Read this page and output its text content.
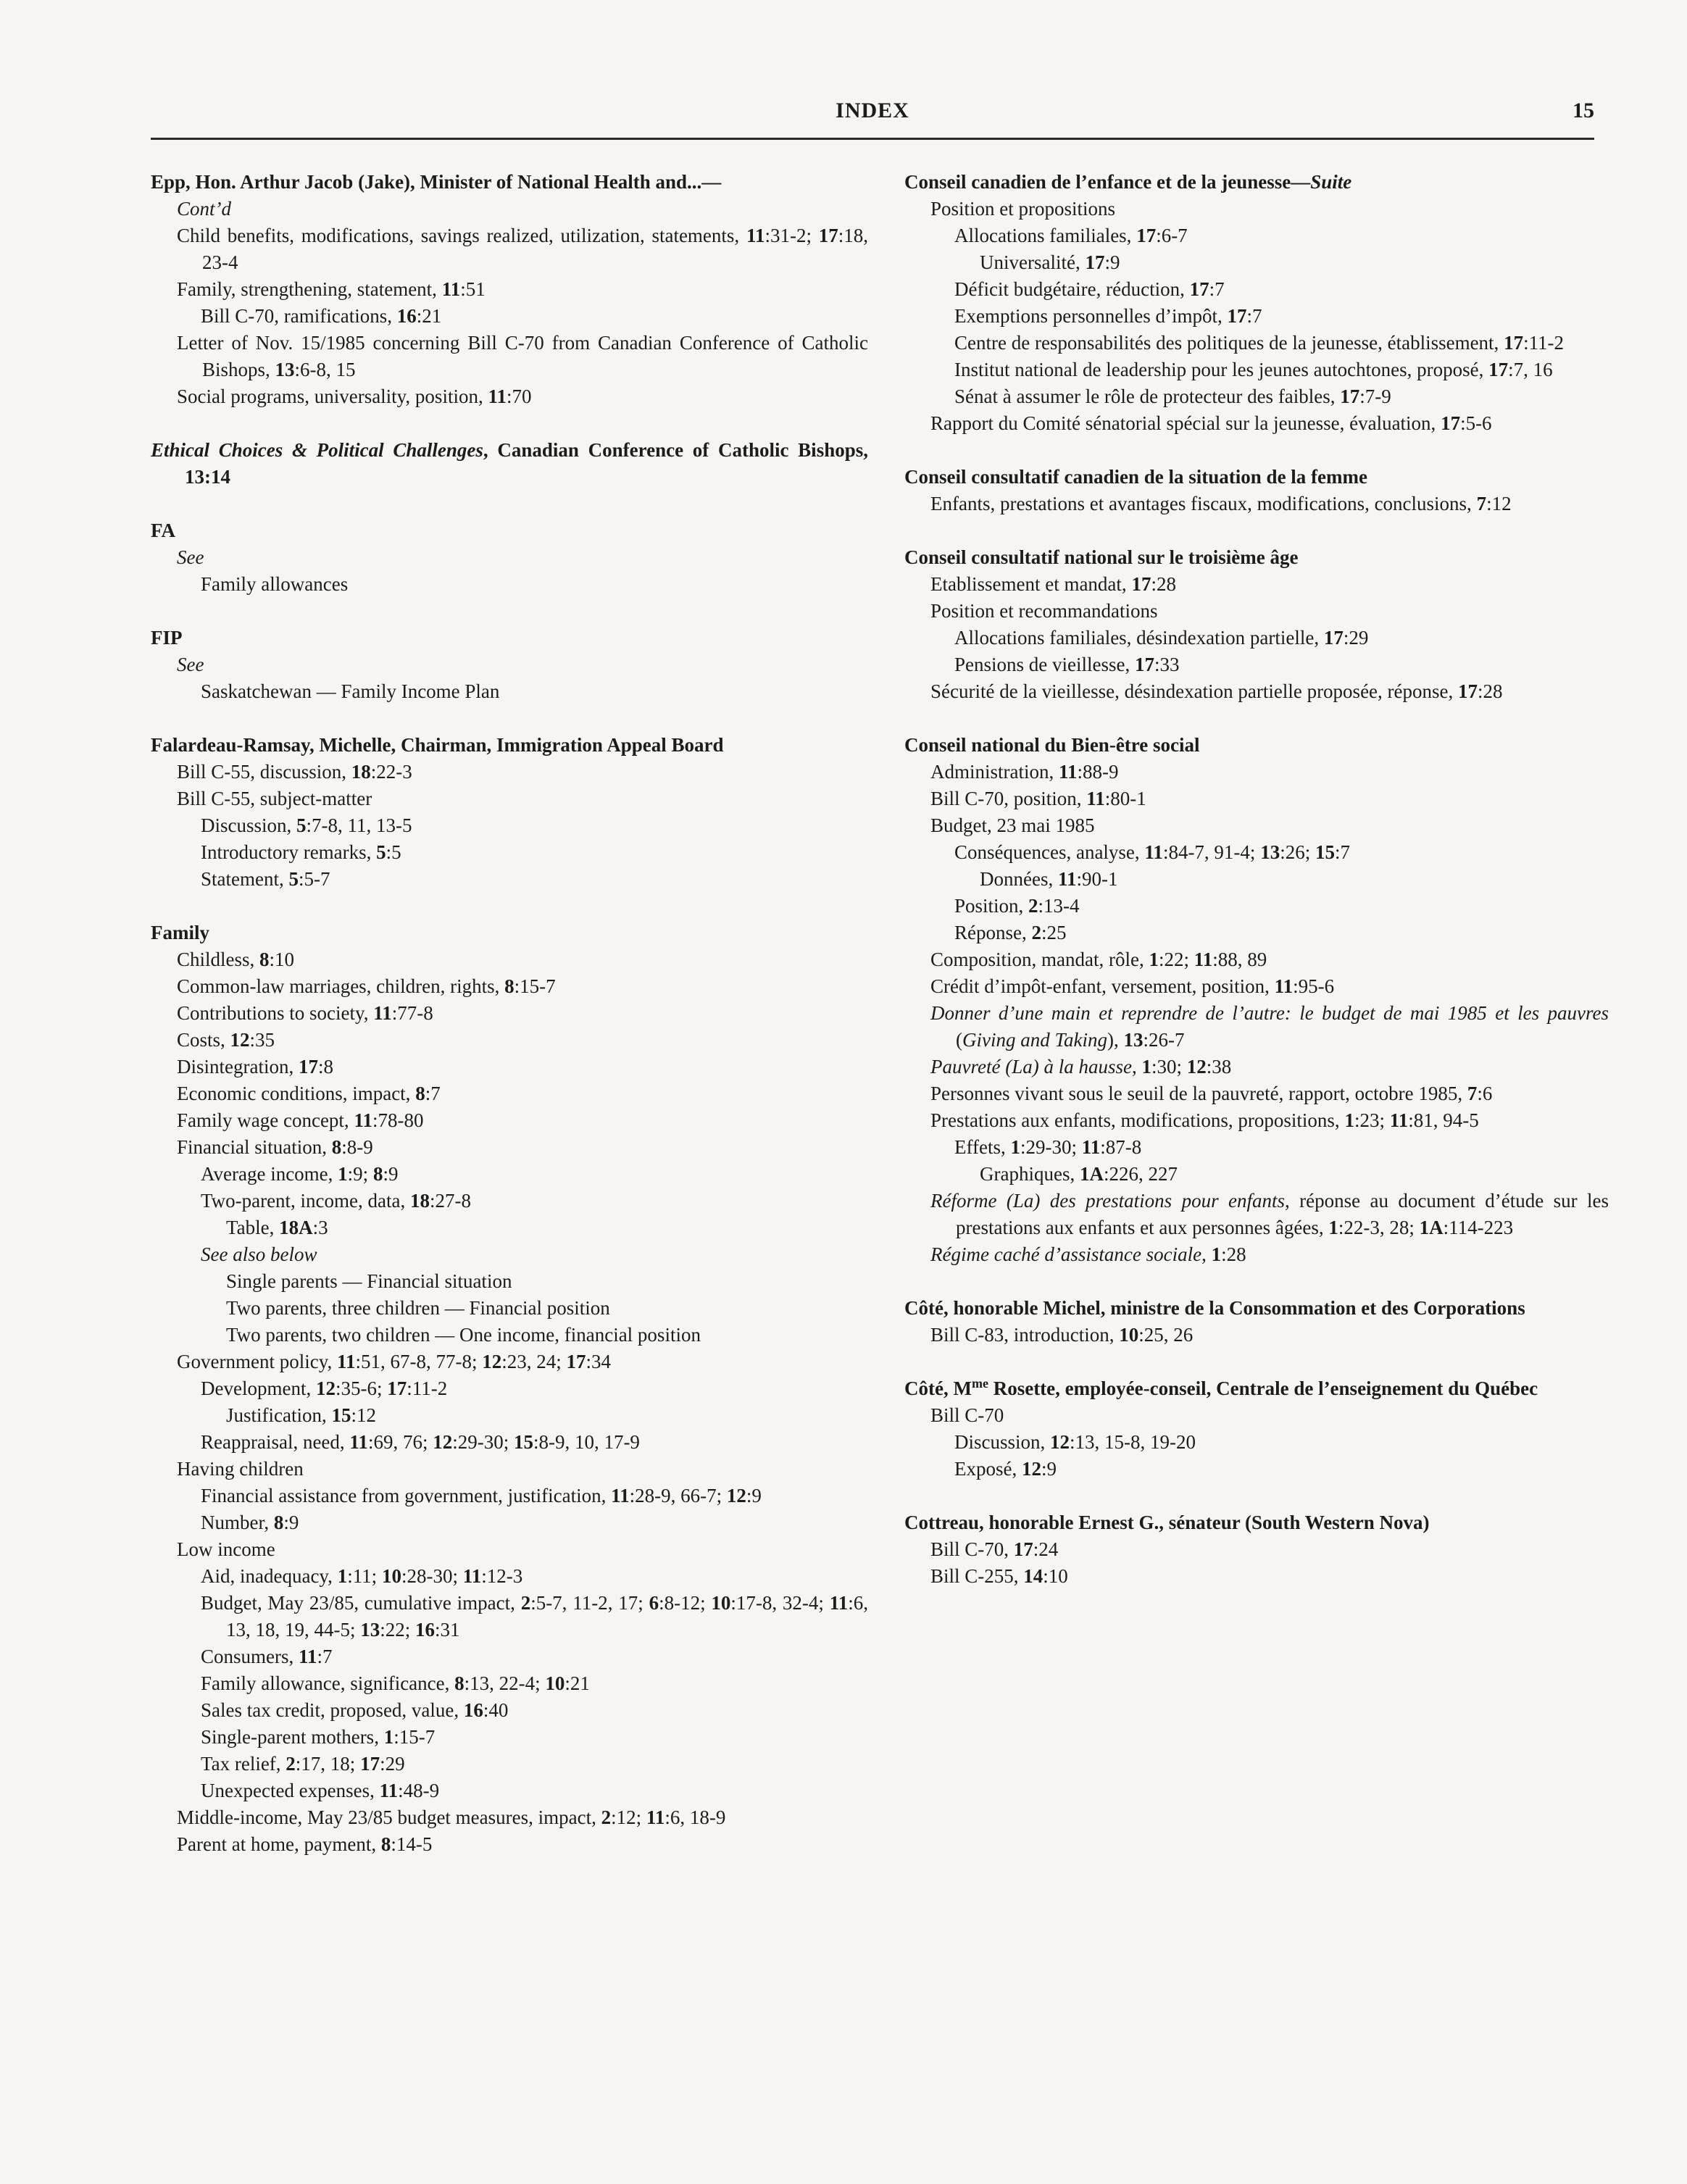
INDEX	15
Epp, Hon. Arthur Jacob (Jake), Minister of National Health and...—
Cont’d
Child benefits, modifications, savings realized, utilization, statements, 11:31-2; 17:18, 23-4
Family, strengthening, statement, 11:51
Bill C-70, ramifications, 16:21
Letter of Nov. 15/1985 concerning Bill C-70 from Canadian Conference of Catholic Bishops, 13:6-8, 15
Social programs, universality, position, 11:70
Ethical Choices & Political Challenges, Canadian Conference of Catholic Bishops, 13:14
FA
See
Family allowances
FIP
See
Saskatchewan — Family Income Plan
Falardeau-Ramsay, Michelle, Chairman, Immigration Appeal Board
Bill C-55, discussion, 18:22-3
Bill C-55, subject-matter
Discussion, 5:7-8, 11, 13-5
Introductory remarks, 5:5
Statement, 5:5-7
Family
Childless, 8:10
Common-law marriages, children, rights, 8:15-7
Contributions to society, 11:77-8
Costs, 12:35
Disintegration, 17:8
Economic conditions, impact, 8:7
Family wage concept, 11:78-80
Financial situation, 8:8-9
Average income, 1:9; 8:9
Two-parent, income, data, 18:27-8
Table, 18A:3
See also below
Single parents — Financial situation
Two parents, three children — Financial position
Two parents, two children — One income, financial position
Government policy, 11:51, 67-8, 77-8; 12:23, 24; 17:34
Development, 12:35-6; 17:11-2
Justification, 15:12
Reappraisal, need, 11:69, 76; 12:29-30; 15:8-9, 10, 17-9
Having children
Financial assistance from government, justification, 11:28-9, 66-7; 12:9
Number, 8:9
Low income
Aid, inadequacy, 1:11; 10:28-30; 11:12-3
Budget, May 23/85, cumulative impact, 2:5-7, 11-2, 17; 6:8-12; 10:17-8, 32-4; 11:6, 13, 18, 19, 44-5; 13:22; 16:31
Consumers, 11:7
Family allowance, significance, 8:13, 22-4; 10:21
Sales tax credit, proposed, value, 16:40
Single-parent mothers, 1:15-7
Tax relief, 2:17, 18; 17:29
Unexpected expenses, 11:48-9
Middle-income, May 23/85 budget measures, impact, 2:12; 11:6, 18-9
Parent at home, payment, 8:14-5
Conseil canadien de l’enfance et de la jeunesse—Suite
Position et propositions
Allocations familiales, 17:6-7
Universalité, 17:9
Déficit budgétaire, réduction, 17:7
Exemptions personnelles d’impôt, 17:7
Centre de responsabilités des politiques de la jeunesse, établissement, 17:11-2
Institut national de leadership pour les jeunes autochtones, proposé, 17:7, 16
Sénat à assumer le rôle de protecteur des faibles, 17:7-9
Rapport du Comité sénatorial spécial sur la jeunesse, évaluation, 17:5-6
Conseil consultatif canadien de la situation de la femme
Enfants, prestations et avantages fiscaux, modifications, conclusions, 7:12
Conseil consultatif national sur le troisième âge
Etablissement et mandat, 17:28
Position et recommandations
Allocations familiales, désindexation partielle, 17:29
Pensions de vieillesse, 17:33
Sécurité de la vieillesse, désindexation partielle proposée, réponse, 17:28
Conseil national du Bien-être social
Administration, 11:88-9
Bill C-70, position, 11:80-1
Budget, 23 mai 1985
Conséquences, analyse, 11:84-7, 91-4; 13:26; 15:7
Données, 11:90-1
Position, 2:13-4
Réponse, 2:25
Composition, mandat, rôle, 1:22; 11:88, 89
Crédit d’impôt-enfant, versement, position, 11:95-6
Donner d’une main et reprendre de l’autre: le budget de mai 1985 et les pauvres (Giving and Taking), 13:26-7
Pauvreté (La) à la hausse, 1:30; 12:38
Personnes vivant sous le seuil de la pauvreté, rapport, octobre 1985, 7:6
Prestations aux enfants, modifications, propositions, 1:23; 11:81, 94-5
Effets, 1:29-30; 11:87-8
Graphiques, 1A:226, 227
Réforme (La) des prestations pour enfants, réponse au document d’étude sur les prestations aux enfants et aux personnes âgées, 1:22-3, 28; 1A:114-223
Régime caché d’assistance sociale, 1:28
Côté, honorable Michel, ministre de la Consommation et des Corporations
Bill C-83, introduction, 10:25, 26
Côté, $M^{me}$ Rosette, employée-conseil, Centrale de l’enseignement du Québec
Bill C-70
Discussion, 12:13, 15-8, 19-20
Exposé, 12:9
Cottreau, honorable Ernest G., sénateur (South Western Nova)
Bill C-70, 17:24
Bill C-255, 14:10
